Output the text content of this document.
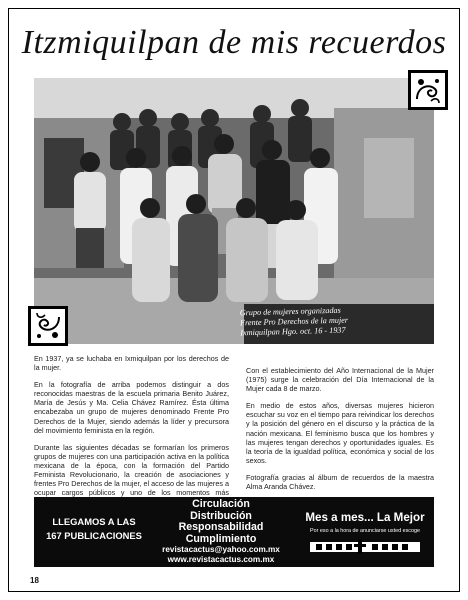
Itzmiquilpan de mis recuerdos
Grupo de mujeres organizadas
Frente Pro Derechos de la mujer
Ixmiquilpan Hgo. oct. 16 - 1937

En 1937, ya se luchaba en Ixmiquilpan por los derechos de la mujer.

En la fotografía de arriba podemos distinguir a dos reconocidas maestras de la escuela primaria Benito Juárez, María de Jesús y Ma. Celia Chávez Ramírez. Ésta última encabezaba un grupo de mujeres denominado Frente Pro Derechos de la Mujer, siendo además la líder y precursora del movimiento feminista en la región.

Durante las siguientes décadas se formarían los primeros grupos de mujeres con una participación activa en la política mexicana de la época, con la formación del Partido Feminista Revolucionario, la creación de asociaciones y frentes Pro Derechos de la mujer, el acceso de las mujeres a ocupar cargos públicos y uno de los momentos más

Con el establecimiento del Año Internacional de la Mujer (1975) surge la celebración del Día Internacional de la Mujer cada 8 de marzo.

En medio de estos años, diversas mujeres hicieron escuchar su voz en el tiempo para reivindicar los derechos y la posición del género en el discurso y la práctica de la nación mexicana. El feminismo busca que los hombres y las mujeres tengan derechos y oportunidades iguales. Es la teoría de la igualdad política, económica y social de los sexos.

Fotografía gracias al álbum de recuerdos de la maestra Alma Aranda Chávez.

LLEGAMOS A LAS
167 PUBLICACIONES
Circulación
Distribución
Responsabilidad
Cumplimiento
revistacactus@yahoo.com.mx
www.revistacactus.com.mx
Mes a mes... La Mejor
Por eso a la hora de anunciarse usted escoge
18
